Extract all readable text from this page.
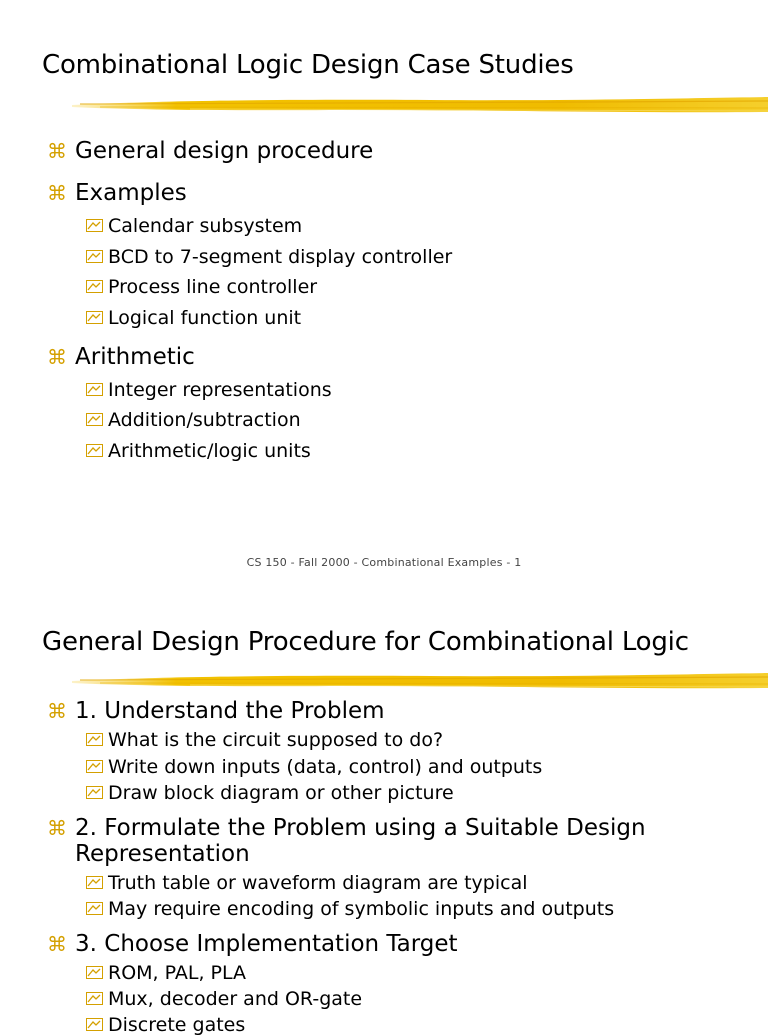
Combinational Logic Design Case Studies
⌘ General design procedure
⌘ Examples
Calendar subsystem
BCD to 7-segment display controller
Process line controller
Logical function unit
⌘ Arithmetic
Integer representations
Addition/subtraction
Arithmetic/logic units
CS 150 - Fall 2000 - Combinational Examples - 1
General Design Procedure for Combinational Logic
⌘ 1. Understand the Problem
What is the circuit supposed to do?
Write down inputs (data, control) and outputs
Draw block diagram or other picture
⌘ 2. Formulate the Problem using a Suitable Design
Representation
Truth table or waveform diagram are typical
May require encoding of symbolic inputs and outputs
⌘ 3. Choose Implementation Target
ROM, PAL, PLA
Mux, decoder and OR-gate
Discrete gates
